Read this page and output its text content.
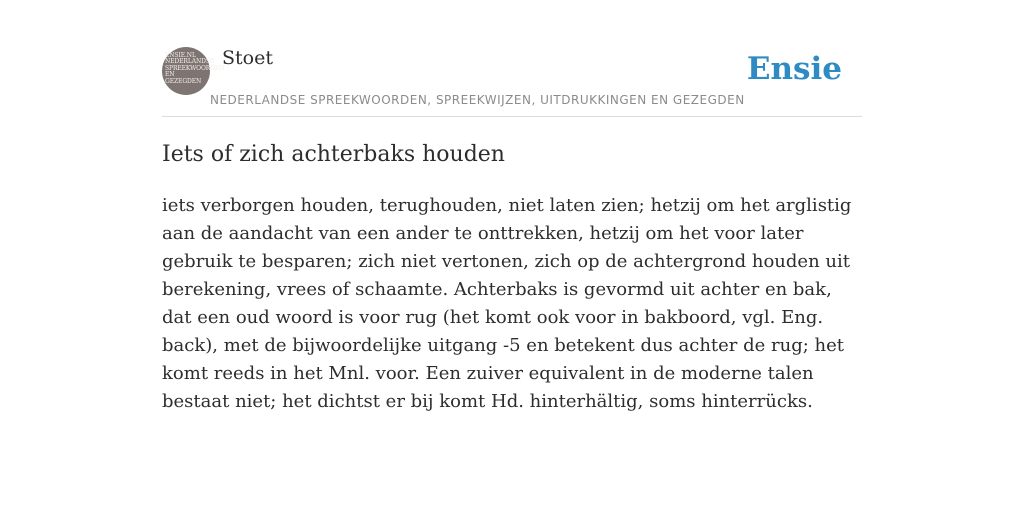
ENSIE.NL NEDERLANDSE SPREEKWOORDEN EN GEZEGDEN
Stoet
NEDERLANDSE SPREEKWOORDEN, SPREEKWIJZEN, UITDRUKKINGEN EN GEZEGDEN
Ensie
Iets of zich achterbaks houden

iets verborgen houden, terughouden, niet laten zien; hetzij om het arglistig aan de aandacht van een ander te onttrekken, hetzij om het voor later gebruik te besparen; zich niet vertonen, zich op de achtergrond houden uit berekening, vrees of schaamte. Achterbaks is gevormd uit achter en bak, dat een oud woord is voor rug (het komt ook voor in bakboord, vgl. Eng. back), met de bijwoordelijke uitgang -5 en betekent dus achter de rug; het komt reeds in het Mnl. voor. Een zuiver equivalent in de moderne talen bestaat niet; het dichtst er bij komt Hd. hinterhältig, soms hinterrücks.
